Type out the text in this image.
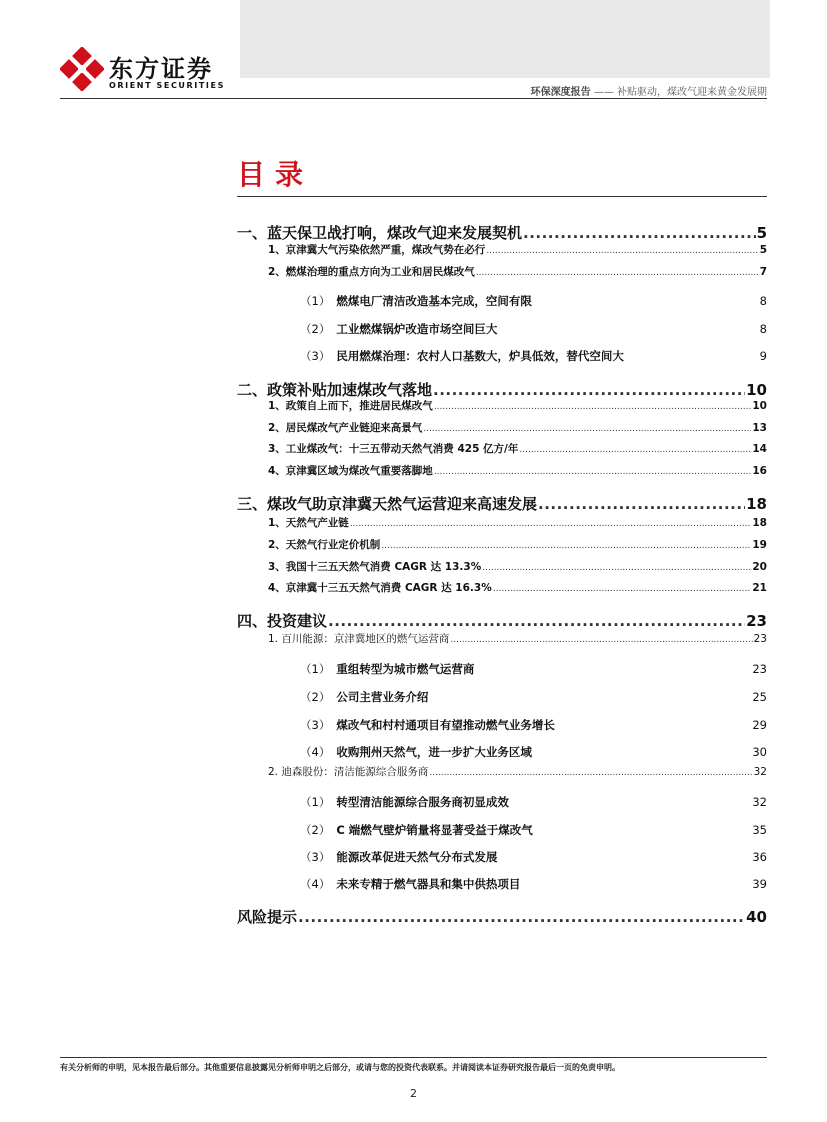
东方证券
ORIENT SECURITIES
环保深度报告 —— 补贴驱动，煤改气迎来黄金发展期
目录
一、蓝天保卫战打响，煤改气迎来发展契机 .....	5
1、京津冀大气污染依然严重，煤改气势在必行 .....	5
2、燃煤治理的重点方向为工业和居民煤改气 .....	7
（1） 燃煤电厂清洁改造基本完成，空间有限	8
（2） 工业燃煤锅炉改造市场空间巨大	8
（3） 民用燃煤治理：农村人口基数大，炉具低效，替代空间大	9
二、政策补贴加速煤改气落地 .....	10
1、政策自上而下，推进居民煤改气 .....	10
2、居民煤改气产业链迎来高景气 .....	13
3、工业煤改气：十三五带动天然气消费 425 亿方/年 .....	14
4、京津冀区域为煤改气重要落脚地 .....	16
三、煤改气助京津冀天然气运营迎来高速发展 .....	18
1、天然气产业链 .....	18
2、天然气行业定价机制 .....	19
3、我国十三五天然气消费 CAGR 达 13.3% .....	20
4、京津冀十三五天然气消费 CAGR 达 16.3% .....	21
四、投资建议 .....	23
1. 百川能源：京津冀地区的燃气运营商 .....	23
（1） 重组转型为城市燃气运营商	23
（2） 公司主营业务介绍	25
（3） 煤改气和村村通项目有望推动燃气业务增长	29
（4） 收购荆州天然气，进一步扩大业务区域	30
2. 迪森股份：清洁能源综合服务商 .....	32
（1） 转型清洁能源综合服务商初显成效	32
（2） C 端燃气壁炉销量将显著受益于煤改气	35
（3） 能源改革促进天然气分布式发展	36
（4） 未来专精于燃气器具和集中供热项目	39
风险提示 .....	40
有关分析师的申明，见本报告最后部分。其他重要信息披露见分析师申明之后部分，或请与您的投资代表联系。并请阅读本证券研究报告最后一页的免责申明。
2
